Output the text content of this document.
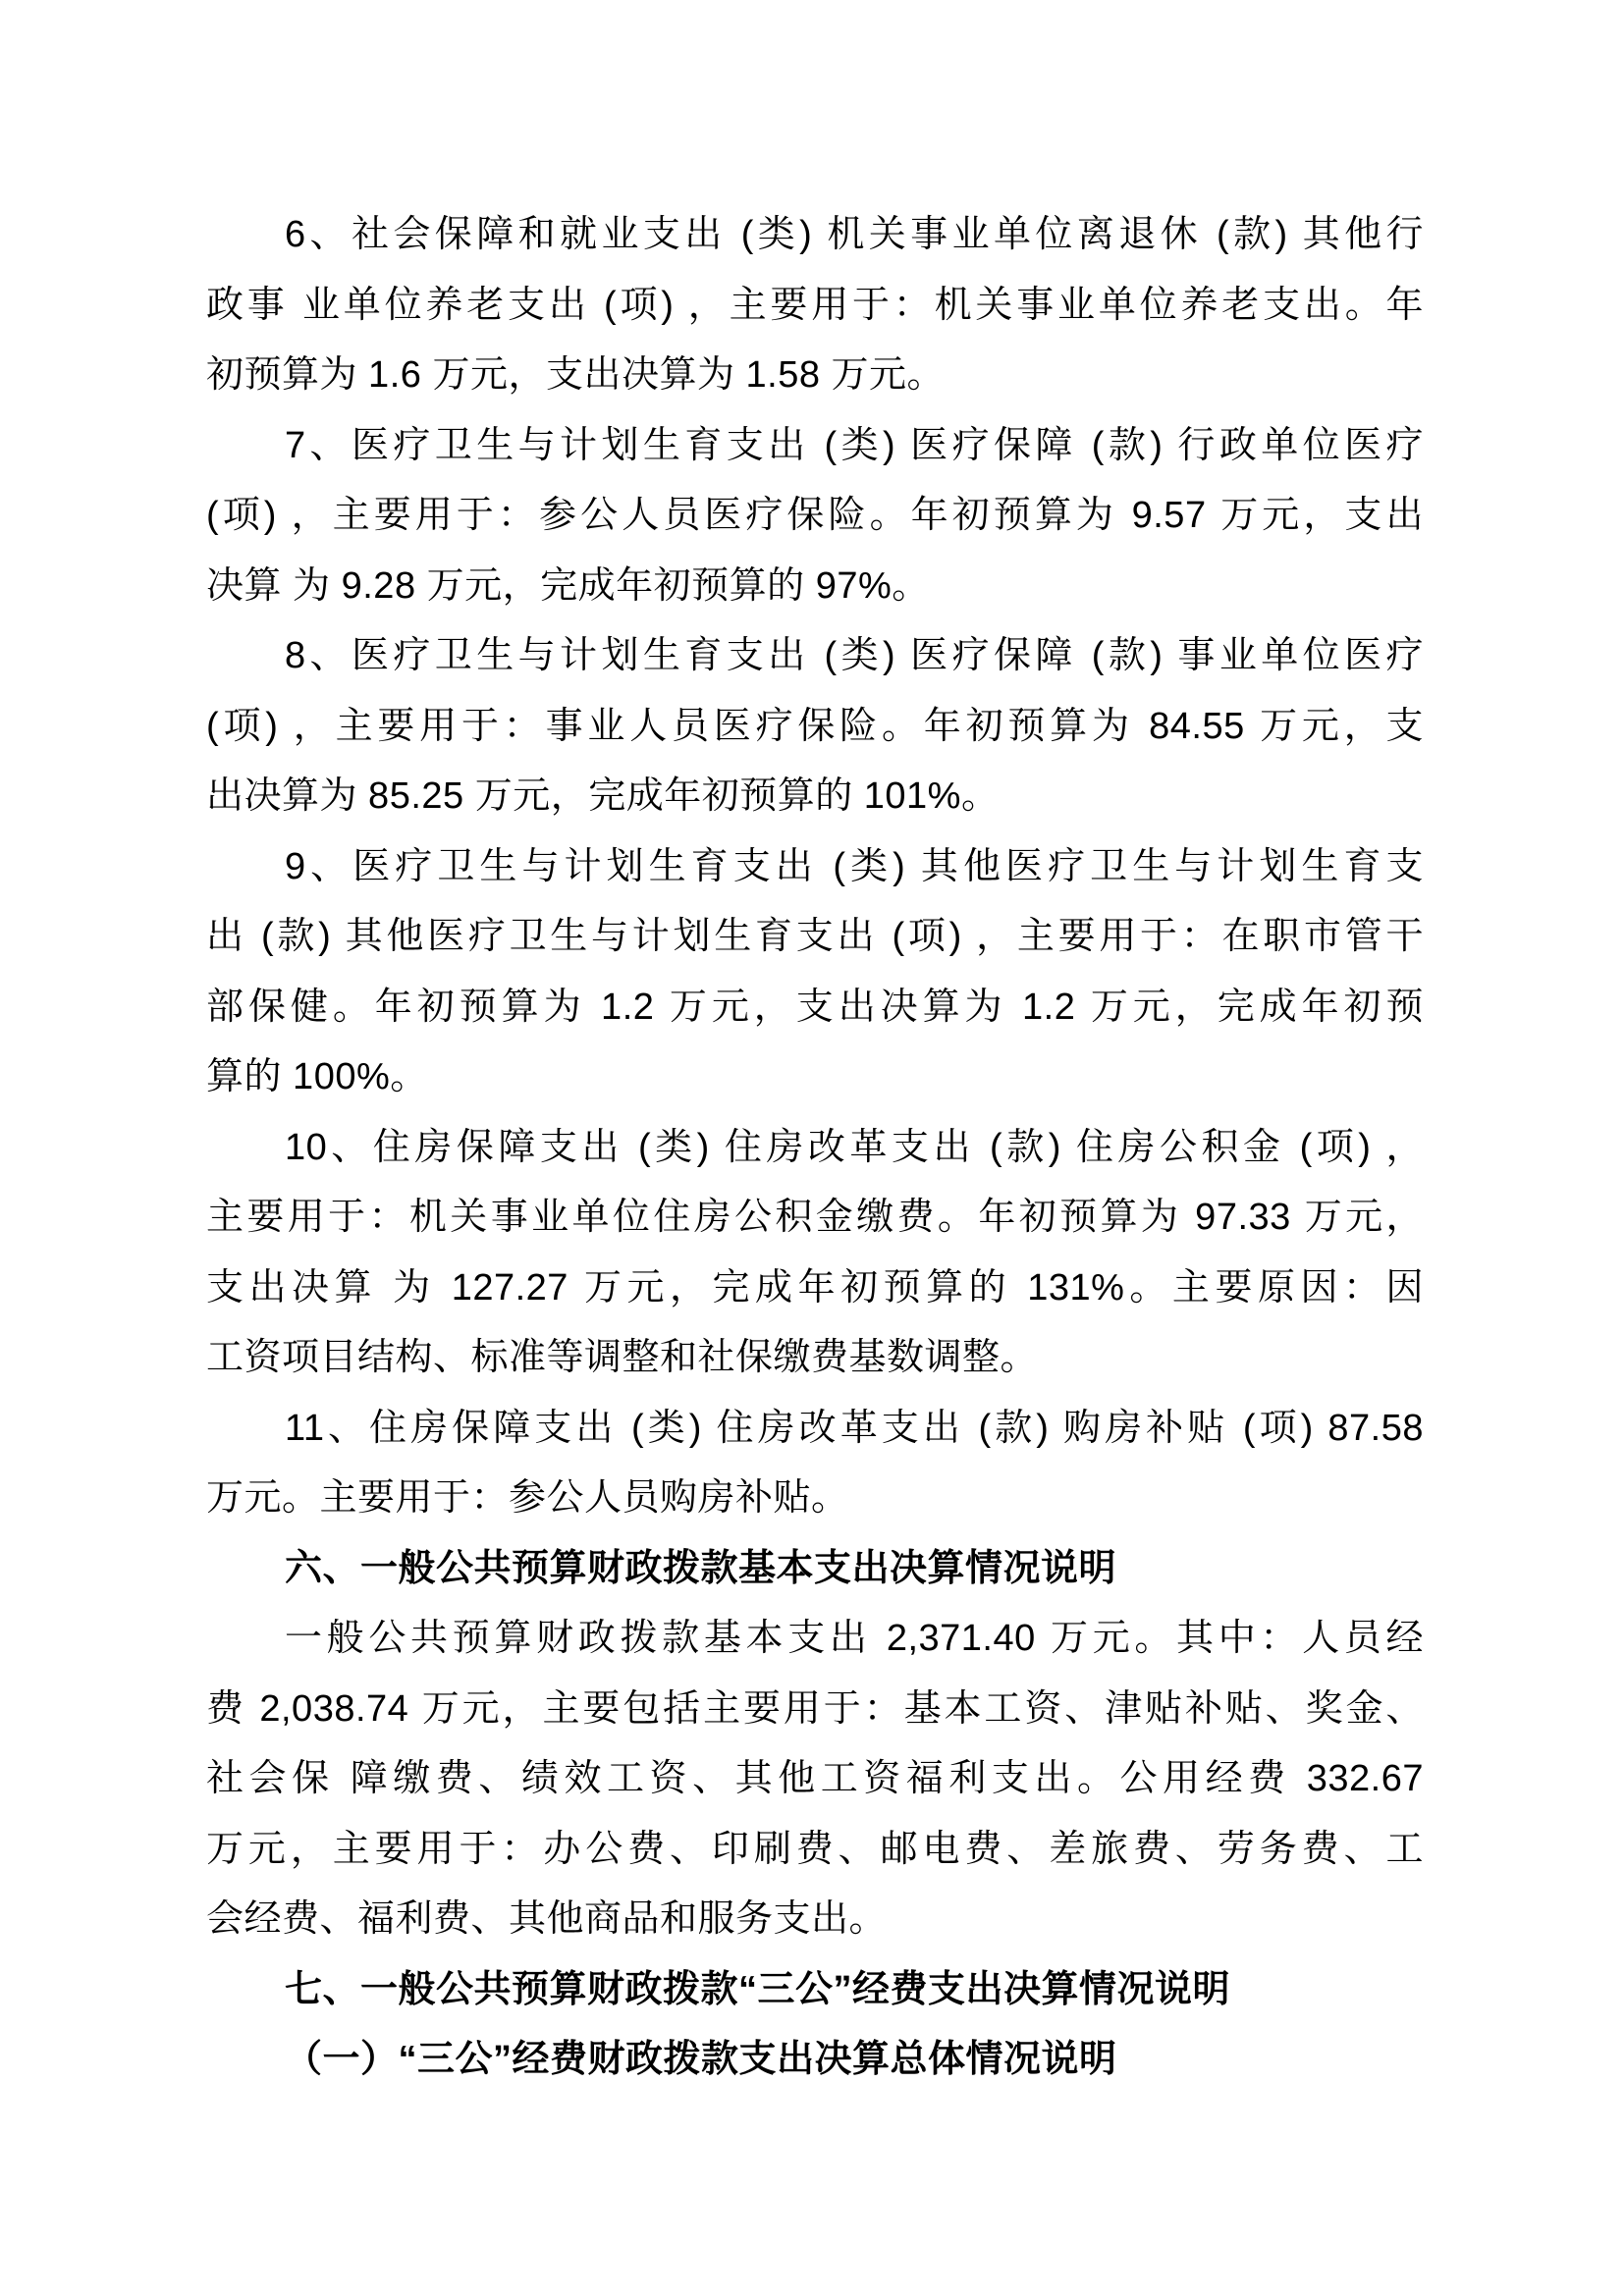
6、社会保障和就业支出 (类) 机关事业单位离退休 (款) 其他行
政事 业单位养老支出 (项) ，主要用于：机关事业单位养老支出。年
初预算为 1.6 万元，支出决算为 1.58 万元。
7、医疗卫生与计划生育支出 (类) 医疗保障 (款) 行政单位医疗
(项) ，主要用于：参公人员医疗保险。年初预算为 9.57 万元，支出
决算 为 9.28 万元，完成年初预算的 97%。
8、医疗卫生与计划生育支出 (类) 医疗保障 (款) 事业单位医疗
(项) ，主要用于：事业人员医疗保险。年初预算为 84.55 万元，支
出决算为 85.25 万元，完成年初预算的 101%。
9、医疗卫生与计划生育支出 (类) 其他医疗卫生与计划生育支
出 (款) 其他医疗卫生与计划生育支出 (项) ，主要用于：在职市管干
部保健。年初预算为 1.2 万元，支出决算为 1.2 万元，完成年初预
算的 100%。
10、住房保障支出 (类) 住房改革支出 (款) 住房公积金 (项) ，
主要用于：机关事业单位住房公积金缴费。年初预算为 97.33 万元，
支出决算 为 127.27 万元，完成年初预算的 131%。主要原因：因
工资项目结构、标准等调整和社保缴费基数调整。
11、住房保障支出 (类) 住房改革支出 (款) 购房补贴 (项) 87.58
万元。主要用于：参公人员购房补贴。
六、一般公共预算财政拨款基本支出决算情况说明
一般公共预算财政拨款基本支出 2,371.40 万元。其中：人员经
费 2,038.74 万元，主要包括主要用于：基本工资、津贴补贴、奖金、
社会保 障缴费、绩效工资、其他工资福利支出。公用经费 332.67
万元，主要用于：办公费、印刷费、邮电费、差旅费、劳务费、工
会经费、福利费、其他商品和服务支出。
七、一般公共预算财政拨款“三公”经费支出决算情况说明
（一）“三公”经费财政拨款支出决算总体情况说明
